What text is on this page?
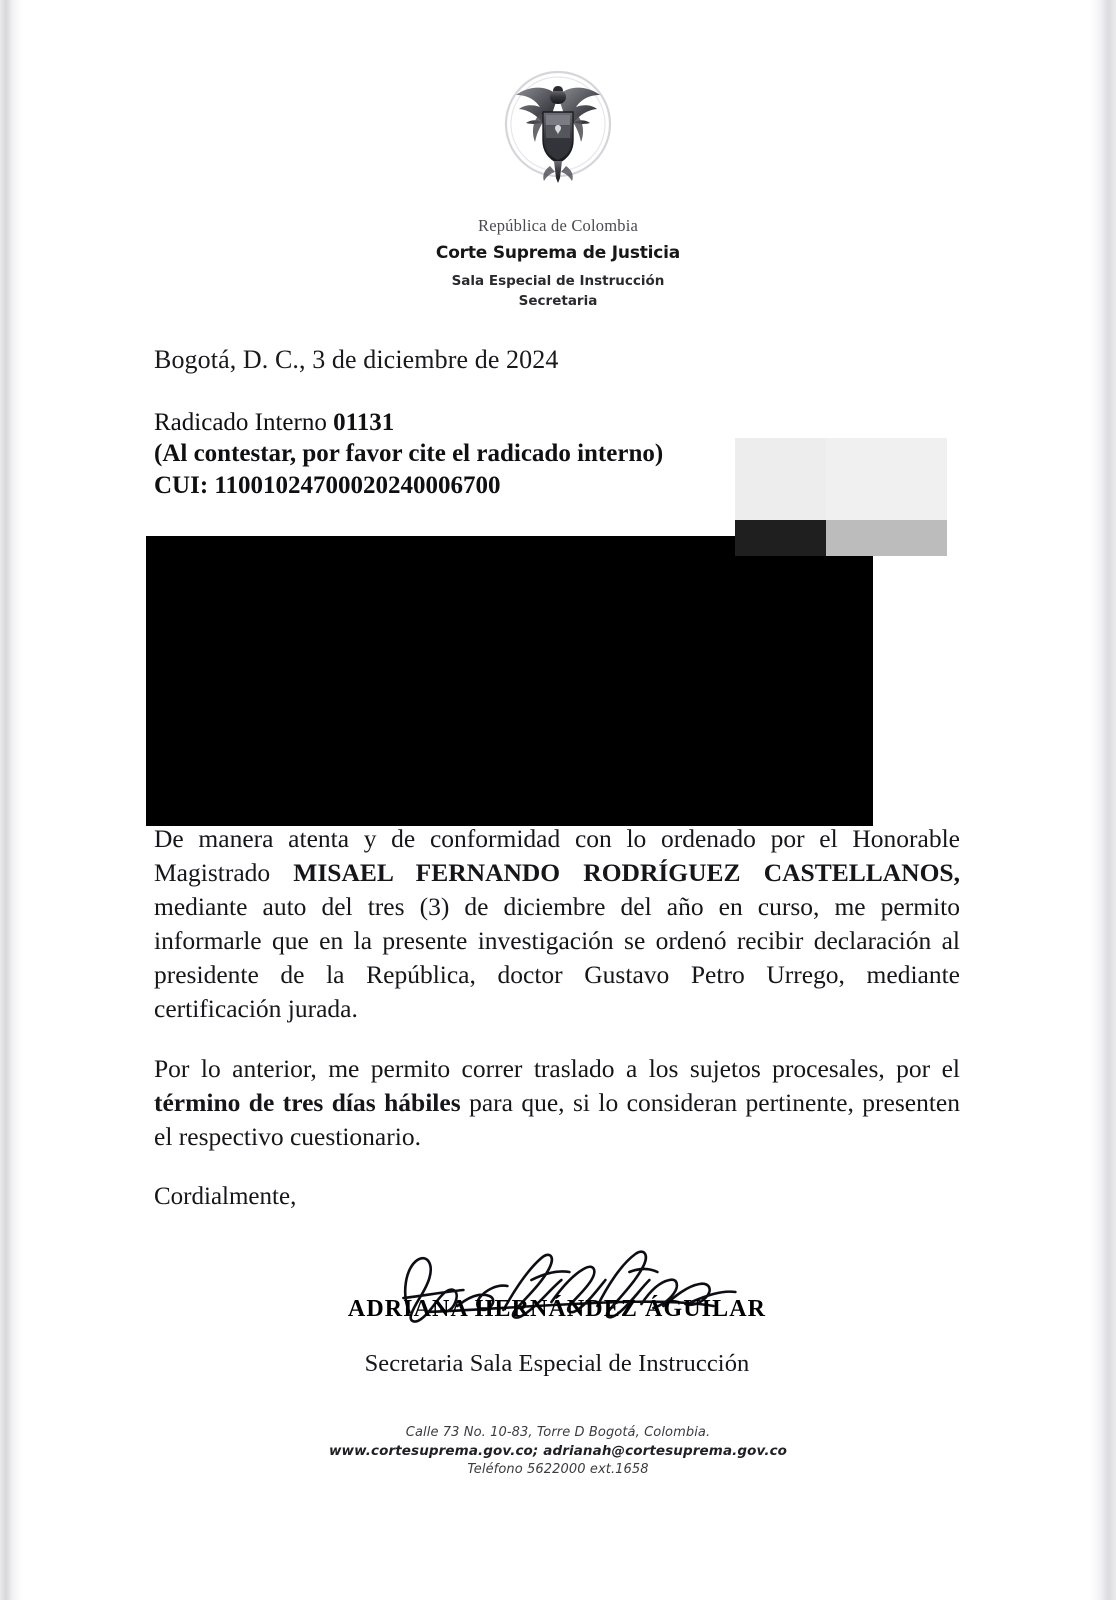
República de Colombia
Corte Suprema de Justicia
Sala Especial de Instrucción
Secretaria
Bogotá, D. C., 3 de diciembre de 2024
Radicado Interno 01131
(Al contestar, por favor cite el radicado interno)
CUI: 11001024700020240006700

De manera atenta y de conformidad con lo ordenado por el Honorable Magistrado MISAEL FERNANDO RODRÍGUEZ CASTELLANOS, mediante auto del tres (3) de diciembre del año en curso, me permito informarle que en la presente investigación se ordenó recibir declaración al presidente de la República, doctor Gustavo Petro Urrego, mediante certificación jurada.

Por lo anterior, me permito correr traslado a los sujetos procesales, por el término de tres días hábiles para que, si lo consideran pertinente, presenten el respectivo cuestionario.

Cordialmente,
ADRIANA HERNÁNDEZ ÁGUILAR
Secretaria Sala Especial de Instrucción
Calle 73 No. 10-83, Torre D Bogotá, Colombia.
www.cortesuprema.gov.co; adrianah@cortesuprema.gov.co
Teléfono 5622000 ext.1658
